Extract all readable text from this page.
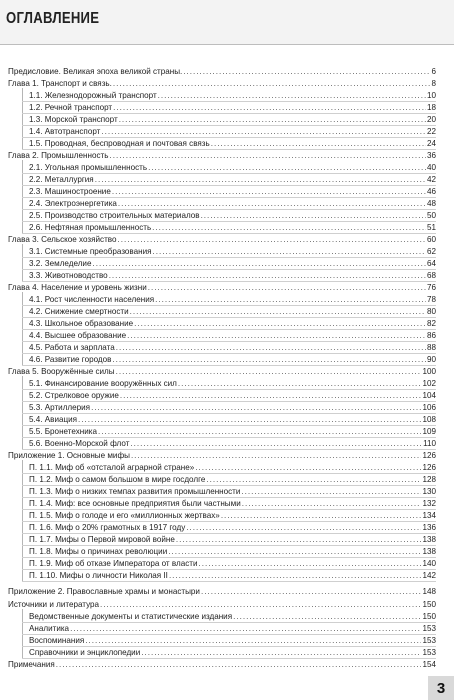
ОГЛАВЛЕНИЕ
Предисловие. Великая эпоха великой страны. .....	6
Глава 1. Транспорт и связь. .....	8
1.1. Железнодорожный транспорт .....	10
1.2. Речной транспорт .....	18
1.3. Морской транспорт .....	20
1.4. Автотранспорт .....	22
1.5. Проводная, беспроводная и почтовая связь .....	24
Глава 2. Промышленность .....	36
2.1. Угольная промышленность .....	40
2.2. Металлургия .....	42
2.3. Машиностроение .....	46
2.4. Электроэнергетика .....	48
2.5. Производство строительных материалов .....	50
2.6. Нефтяная промышленность .....	51
Глава 3. Сельское хозяйство .....	60
3.1. Системные преобразования .....	62
3.2. Земледелие .....	64
3.3. Животноводство .....	68
Глава 4. Население и уровень жизни .....	76
4.1. Рост численности населения .....	78
4.2. Снижение смертности .....	80
4.3. Школьное образование .....	82
4.4. Высшее образование .....	86
4.5. Работа и зарплата .....	88
4.6. Развитие городов .....	90
Глава 5. Вооружённые силы .....	100
5.1. Финансирование вооружённых сил .....	102
5.2. Стрелковое оружие .....	104
5.3. Артиллерия .....	106
5.4. Авиация .....	108
5.5. Бронетехника .....	109
5.6. Военно-Морской флот .....	110
Приложение 1. Основные мифы .....	126
П. 1.1. Миф об «отсталой аграрной стране» .....	126
П. 1.2. Миф о самом большом в мире госдолге .....	128
П. 1.3. Миф о низких темпах развития промышленности .....	130
П. 1.4. Миф: все основные предприятия были частными .....	132
П. 1.5. Миф о голоде и его «миллионных жертвах» .....	134
П. 1.6. Миф о 20% грамотных в 1917 году .....	136
П. 1.7. Мифы о Первой мировой войне .....	138
П. 1.8. Мифы о причинах революции .....	138
П. 1.9. Миф об отказе Императора от власти .....	140
П. 1.10. Мифы о личности Николая II .....	142
Приложение 2. Православные храмы и монастыри .....	148
Источники и литература .....	150
Ведомственные документы и статистические издания .....	150
Аналитика .....	153
Воспоминания .....	153
Справочники и энциклопедии .....	153
Примечания .....	154
3
